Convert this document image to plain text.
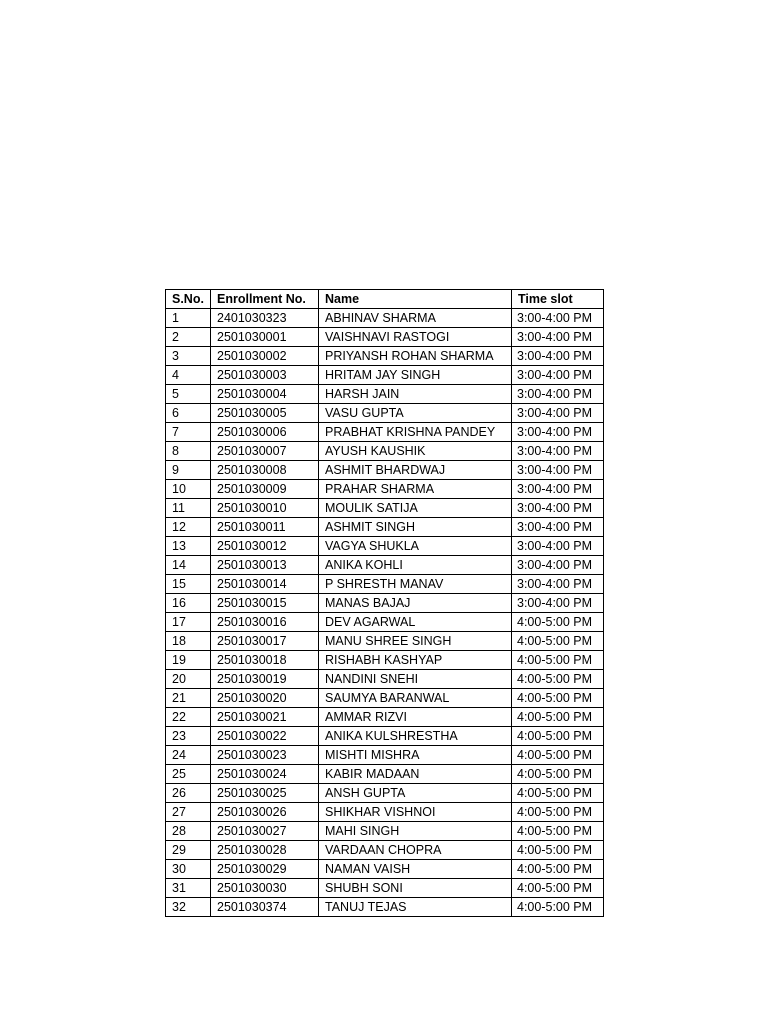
S.No.	Enrollment No.	Name	Time slot
1	2401030323	ABHINAV SHARMA	3:00-4:00 PM
2	2501030001	VAISHNAVI RASTOGI	3:00-4:00 PM
3	2501030002	PRIYANSH ROHAN SHARMA	3:00-4:00 PM
4	2501030003	HRITAM JAY SINGH	3:00-4:00 PM
5	2501030004	HARSH JAIN	3:00-4:00 PM
6	2501030005	VASU GUPTA	3:00-4:00 PM
7	2501030006	PRABHAT KRISHNA PANDEY	3:00-4:00 PM
8	2501030007	AYUSH KAUSHIK	3:00-4:00 PM
9	2501030008	ASHMIT BHARDWAJ	3:00-4:00 PM
10	2501030009	PRAHAR SHARMA	3:00-4:00 PM
11	2501030010	MOULIK SATIJA	3:00-4:00 PM
12	2501030011	ASHMIT SINGH	3:00-4:00 PM
13	2501030012	VAGYA SHUKLA	3:00-4:00 PM
14	2501030013	ANIKA KOHLI	3:00-4:00 PM
15	2501030014	P SHRESTH MANAV	3:00-4:00 PM
16	2501030015	MANAS BAJAJ	3:00-4:00 PM
17	2501030016	DEV AGARWAL	4:00-5:00 PM
18	2501030017	MANU SHREE SINGH	4:00-5:00 PM
19	2501030018	RISHABH KASHYAP	4:00-5:00 PM
20	2501030019	NANDINI SNEHI	4:00-5:00 PM
21	2501030020	SAUMYA BARANWAL	4:00-5:00 PM
22	2501030021	AMMAR RIZVI	4:00-5:00 PM
23	2501030022	ANIKA KULSHRESTHA	4:00-5:00 PM
24	2501030023	MISHTI MISHRA	4:00-5:00 PM
25	2501030024	KABIR MADAAN	4:00-5:00 PM
26	2501030025	ANSH GUPTA	4:00-5:00 PM
27	2501030026	SHIKHAR VISHNOI	4:00-5:00 PM
28	2501030027	MAHI SINGH	4:00-5:00 PM
29	2501030028	VARDAAN CHOPRA	4:00-5:00 PM
30	2501030029	NAMAN VAISH	4:00-5:00 PM
31	2501030030	SHUBH SONI	4:00-5:00 PM
32	2501030374	TANUJ TEJAS	4:00-5:00 PM
